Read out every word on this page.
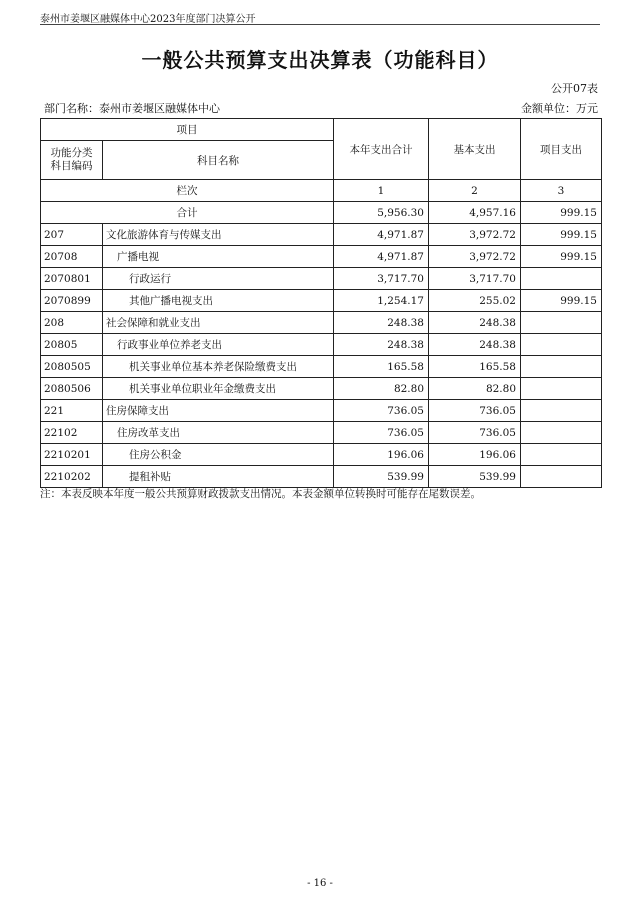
泰州市姜堰区融媒体中心2023年度部门决算公开
一般公共预算支出决算表（功能科目）
公开07表
部门名称：泰州市姜堰区融媒体中心	金额单位：万元
项目		本年支出合计	基本支出	项目支出
功能分类科目编码	科目名称			
栏次		1	2	3
合计		5,956.30	4,957.16	999.15
207	文化旅游体育与传媒支出	4,971.87	3,972.72	999.15
20708	广播电视	4,971.87	3,972.72	999.15
2070801	行政运行	3,717.70	3,717.70	
2070899	其他广播电视支出	1,254.17	255.02	999.15
208	社会保障和就业支出	248.38	248.38	
20805	行政事业单位养老支出	248.38	248.38	
2080505	机关事业单位基本养老保险缴费支出	165.58	165.58	
2080506	机关事业单位职业年金缴费支出	82.80	82.80	
221	住房保障支出	736.05	736.05	
22102	住房改革支出	736.05	736.05	
2210201	住房公积金	196.06	196.06	
2210202	提租补贴	539.99	539.99	
注：本表反映本年度一般公共预算财政拨款支出情况。本表金额单位转换时可能存在尾数误差。
- 16 -
